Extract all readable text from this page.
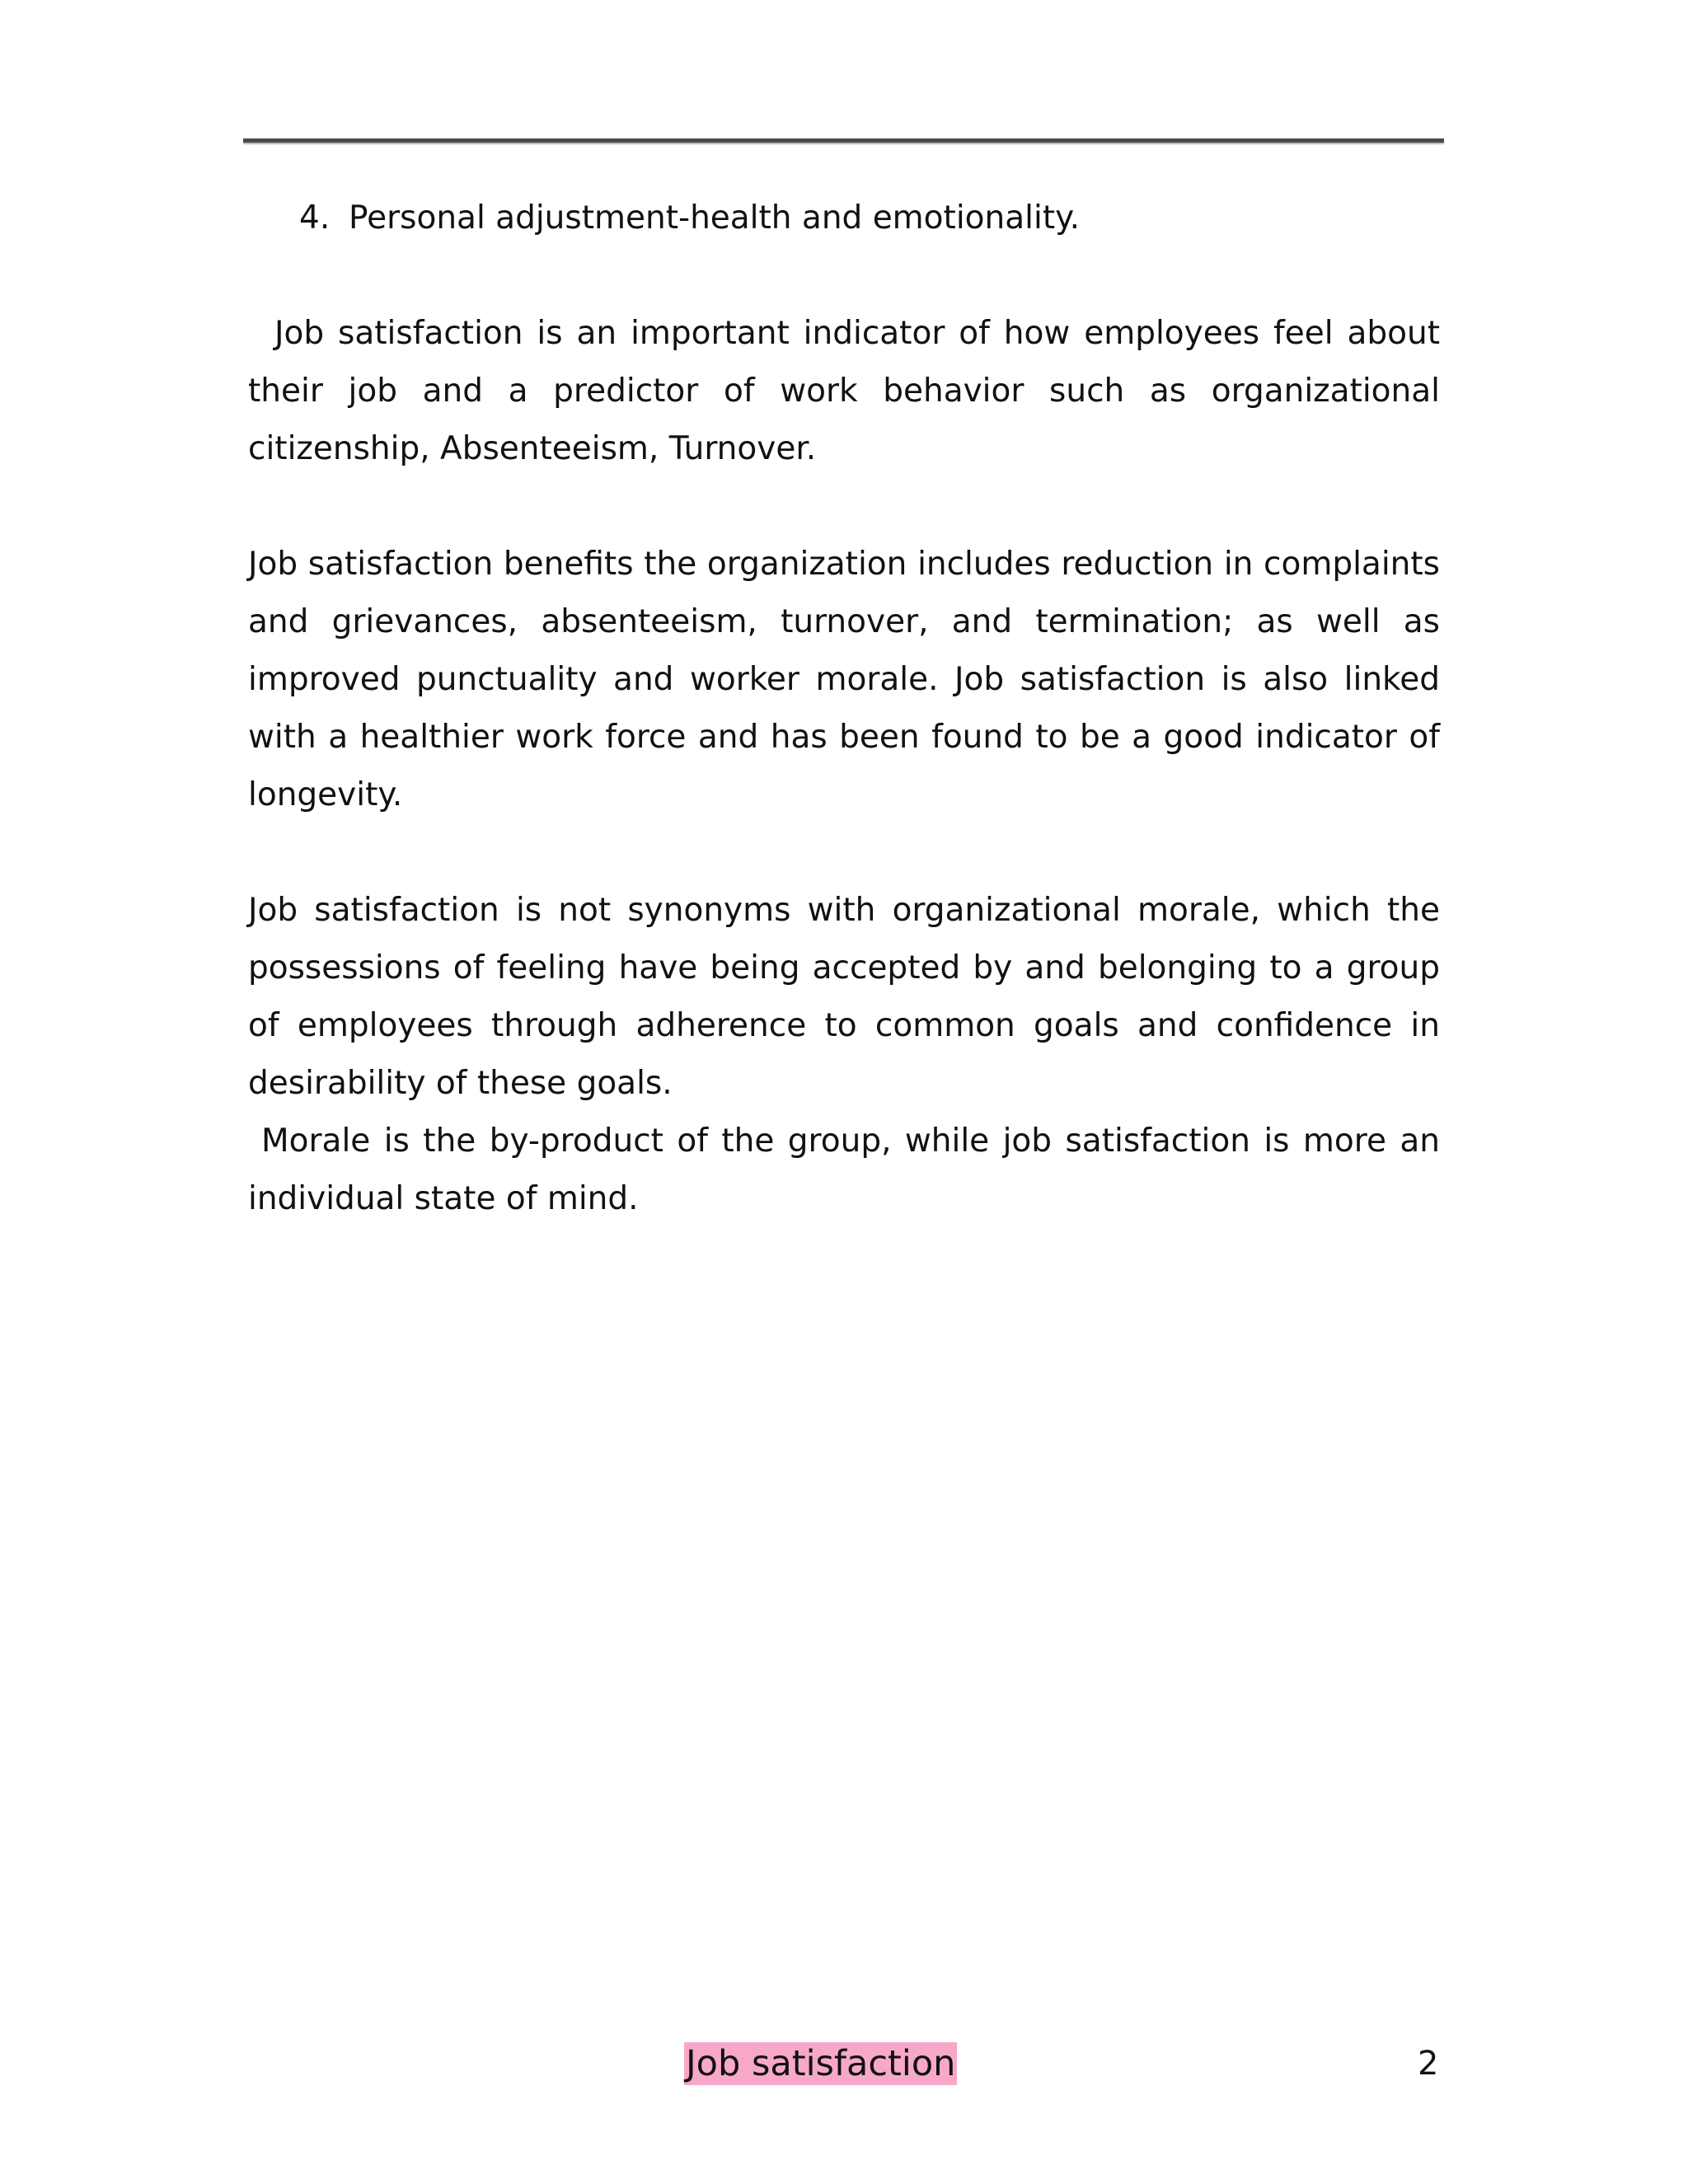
4. Personal adjustment-health and emotionality.

Job satisfaction is an important indicator of how employees feel about their job and a predictor of work behavior such as organizational citizenship, Absenteeism, Turnover.

Job satisfaction benefits the organization includes reduction in complaints and grievances, absenteeism, turnover, and termination; as well as improved punctuality and worker morale. Job satisfaction is also linked with a healthier work force and has been found to be a good indicator of longevity.

Job satisfaction is not synonyms with organizational morale, which the possessions of feeling have being accepted by and belonging to a group of employees through adherence to common goals and confidence in desirability of these goals.

Morale is the by-product of the group, while job satisfaction is more an individual state of mind.

Job satisfaction	2
